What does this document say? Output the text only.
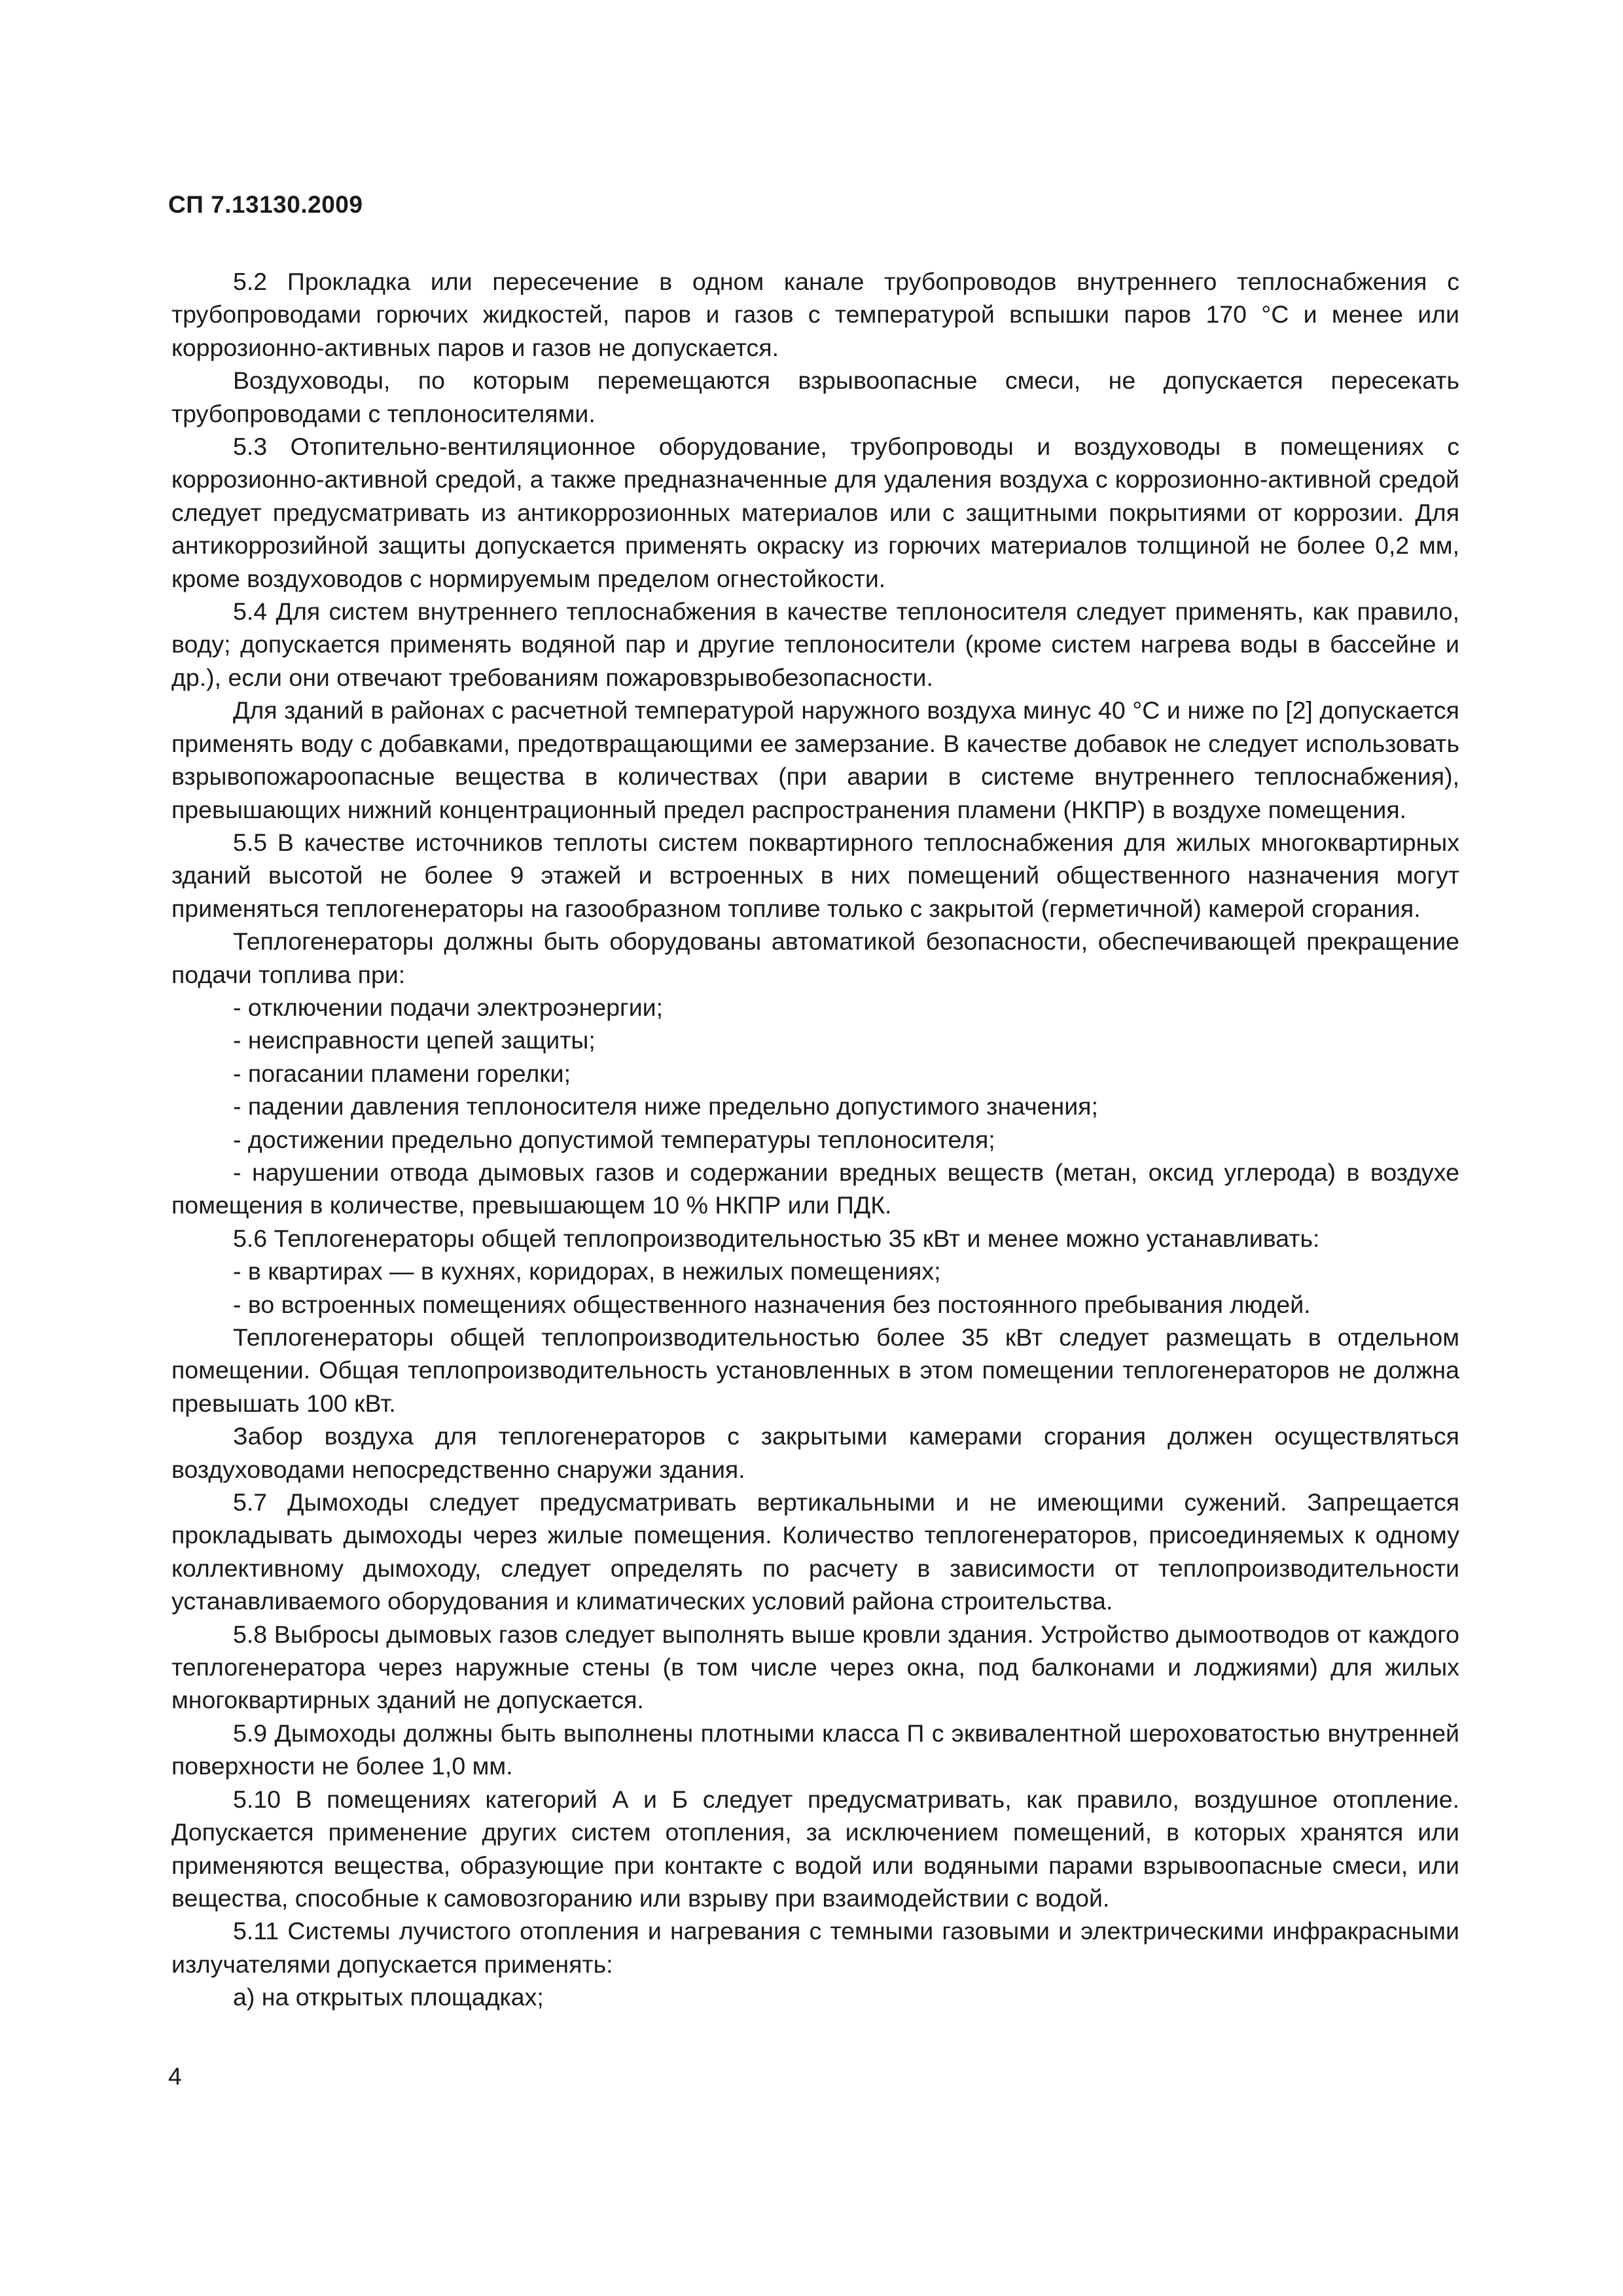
СП 7.13130.2009

5.2 Прокладка или пересечение в одном канале трубопроводов внутреннего теплоснабжения с трубопроводами горючих жидкостей, паров и газов с температурой вспышки паров 170 °С и менее или коррозионно-активных паров и газов не допускается.

Воздуховоды, по которым перемещаются взрывоопасные смеси, не допускается пересекать трубопроводами с теплоносителями.

5.3 Отопительно-вентиляционное оборудование, трубопроводы и воздуховоды в помещениях с коррозионно-активной средой, а также предназначенные для удаления воздуха с коррозионно-активной средой следует предусматривать из антикоррозионных материалов или с защитными покрытиями от коррозии. Для антикоррозийной защиты допускается применять окраску из горючих материалов толщиной не более 0,2 мм, кроме воздуховодов с нормируемым пределом огнестойкости.

5.4 Для систем внутреннего теплоснабжения в качестве теплоносителя следует применять, как правило, воду; допускается применять водяной пар и другие теплоносители (кроме систем нагрева воды в бассейне и др.), если они отвечают требованиям пожаровзрывобезопасности.

Для зданий в районах с расчетной температурой наружного воздуха минус 40 °С и ниже по [2] допускается применять воду с добавками, предотвращающими ее замерзание. В качестве добавок не следует использовать взрывопожароопасные вещества в количествах (при аварии в системе внутреннего теплоснабжения), превышающих нижний концентрационный предел распространения пламени (НКПР) в воздухе помещения.

5.5 В качестве источников теплоты систем поквартирного теплоснабжения для жилых многоквартирных зданий высотой не более 9 этажей и встроенных в них помещений общественного назначения могут применяться теплогенераторы на газообразном топливе только с закрытой (герметичной) камерой сгорания.

Теплогенераторы должны быть оборудованы автоматикой безопасности, обеспечивающей прекращение подачи топлива при:

- отключении подачи электроэнергии;

- неисправности цепей защиты;

- погасании пламени горелки;

- падении давления теплоносителя ниже предельно допустимого значения;

- достижении предельно допустимой температуры теплоносителя;

- нарушении отвода дымовых газов и содержании вредных веществ (метан, оксид углерода) в воздухе помещения в количестве, превышающем 10 % НКПР или ПДК.

5.6 Теплогенераторы общей теплопроизводительностью 35 кВт и менее можно устанавливать:

- в квартирах — в кухнях, коридорах, в нежилых помещениях;

- во встроенных помещениях общественного назначения без постоянного пребывания людей.

Теплогенераторы общей теплопроизводительностью более 35 кВт следует размещать в отдельном помещении. Общая теплопроизводительность установленных в этом помещении теплогенераторов не должна превышать 100 кВт.

Забор воздуха для теплогенераторов с закрытыми камерами сгорания должен осуществляться воздуховодами непосредственно снаружи здания.

5.7 Дымоходы следует предусматривать вертикальными и не имеющими сужений. Запрещается прокладывать дымоходы через жилые помещения. Количество теплогенераторов, присоединяемых к одному коллективному дымоходу, следует определять по расчету в зависимости от теплопроизводительности устанавливаемого оборудования и климатических условий района строительства.

5.8 Выбросы дымовых газов следует выполнять выше кровли здания. Устройство дымоотводов от каждого теплогенератора через наружные стены (в том числе через окна, под балконами и лоджиями) для жилых многоквартирных зданий не допускается.

5.9 Дымоходы должны быть выполнены плотными класса П с эквивалентной шероховатостью внутренней поверхности не более 1,0 мм.

5.10 В помещениях категорий А и Б следует предусматривать, как правило, воздушное отопление. Допускается применение других систем отопления, за исключением помещений, в которых хранятся или применяются вещества, образующие при контакте с водой или водяными парами взрывоопасные смеси, или вещества, способные к самовозгоранию или взрыву при взаимодействии с водой.

5.11 Системы лучистого отопления и нагревания с темными газовыми и электрическими инфракрасными излучателями допускается применять:

а) на открытых площадках;

4
